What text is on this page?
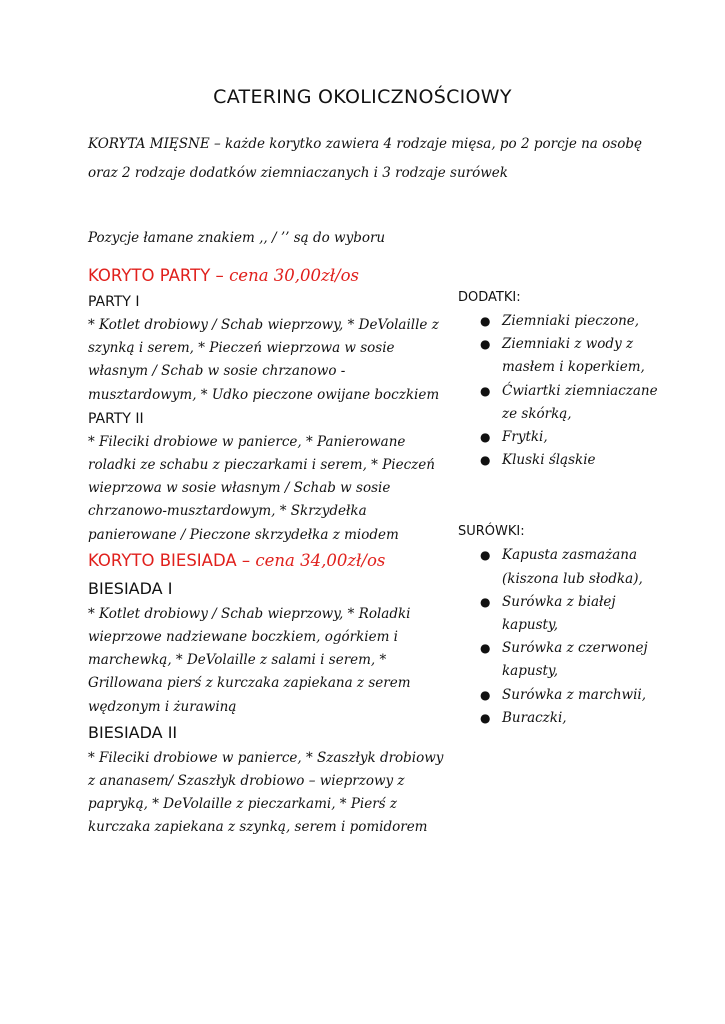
CATERING OKOLICZNOŚCIOWY
KORYTA MIĘSNE – każde korytko zawiera 4 rodzaje mięsa, po 2 porcje na osobę oraz 2 rodzaje dodatków ziemniaczanych i 3 rodzaje surówek
Pozycje łamane znakiem ,, / ’’ są do wyboru

KORYTO PARTY – cena 30,00zł/os

PARTY I

* Kotlet drobiowy / Schab wieprzowy, * DeVolaille z szynką i serem, * Pieczeń wieprzowa w sosie własnym / Schab w sosie chrzanowo - musztardowym, * Udko pieczone owijane boczkiem

PARTY II

* Fileciki drobiowe w panierce, * Panierowane roladki ze schabu z pieczarkami i serem, * Pieczeń wieprzowa w sosie własnym / Schab w sosie chrzanowo-musztardowym, * Skrzydełka panierowane / Pieczone skrzydełka z miodem

KORYTO BIESIADA – cena 34,00zł/os

BIESIADA I

* Kotlet drobiowy / Schab wieprzowy, * Roladki wieprzowe nadziewane boczkiem, ogórkiem i marchewką, * DeVolaille z salami i serem, * Grillowana pierś z kurczaka zapiekana z serem wędzonym i żurawiną

BIESIADA II

* Fileciki drobiowe w panierce, * Szaszłyk drobiowy z ananasem/ Szaszłyk drobiowo – wieprzowy z papryką, * DeVolaille z pieczarkami, * Pierś z kurczaka zapiekana z szynką, serem i pomidorem

DODATKI:

● Ziemniaki pieczone,
● Ziemniaki z wody z masłem i koperkiem,
● Ćwiartki ziemniaczane ze skórką,
● Frytki,
● Kluski śląskie

SURÓWKI:

● Kapusta zasmażana (kiszona lub słodka),
● Surówka z białej kapusty,
● Surówka z czerwonej kapusty,
● Surówka z marchwii,
● Buraczki,
